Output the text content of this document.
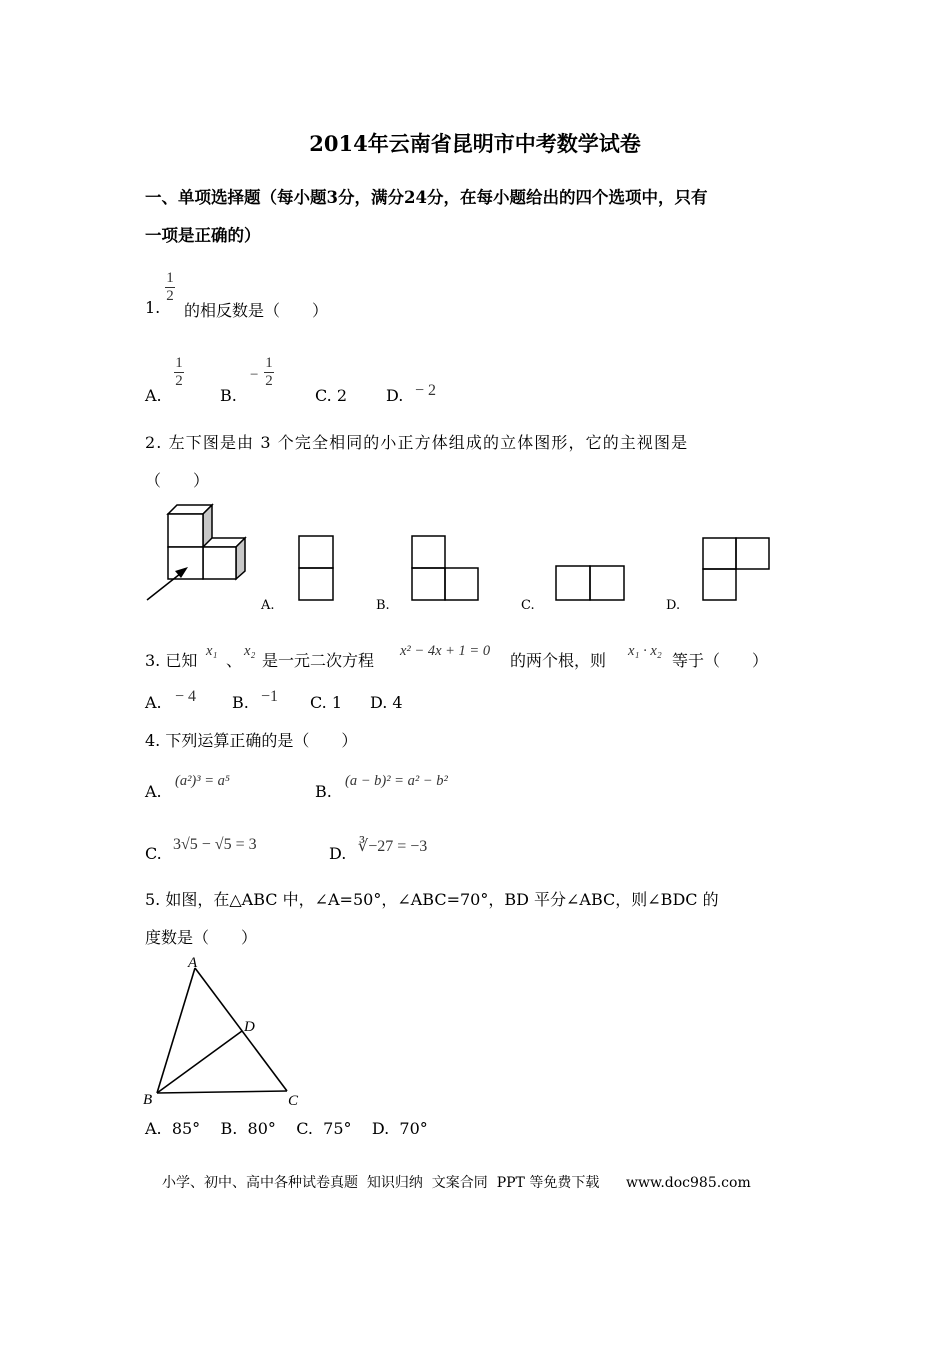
2014年云南省昆明市中考数学试卷
一、单项选择题（每小题3分，满分24分，在每小题给出的四个选项中，只有
一项是正确的）
1.
1
2
的相反数是（　　）
A.
1
2
B.
−
1
2
C. 2 D. − 2
2. 左下图是由 3 个完全相同的小正方体组成的立体图形，它的主视图是
（　　）
A.	B.	C.	D.
3. 已知 x₁ 、 x₂ 是一元二次方程 x² − 4x + 1 = 0 的两个根，则 x₁ · x₂ 等于（　　）
A. − 4 B. −1 C. 1 D. 4
4. 下列运算正确的是（　　）
A.
(a²)³ = a⁵
B.
(a − b)² = a² − b²
C. 3√5 − √5 = 3	D. ∛−27 = −3
5. 如图，在△ABC 中，∠A=50°，∠ABC=70°，BD 平分∠ABC，则∠BDC 的
度数是（　　）
A
B	C
D
A.  85°    B.  80°    C.  75°    D.  70°
小学、初中、高中各种试卷真题  知识归纳  文案合同  PPT 等免费下载      www.doc985.com
